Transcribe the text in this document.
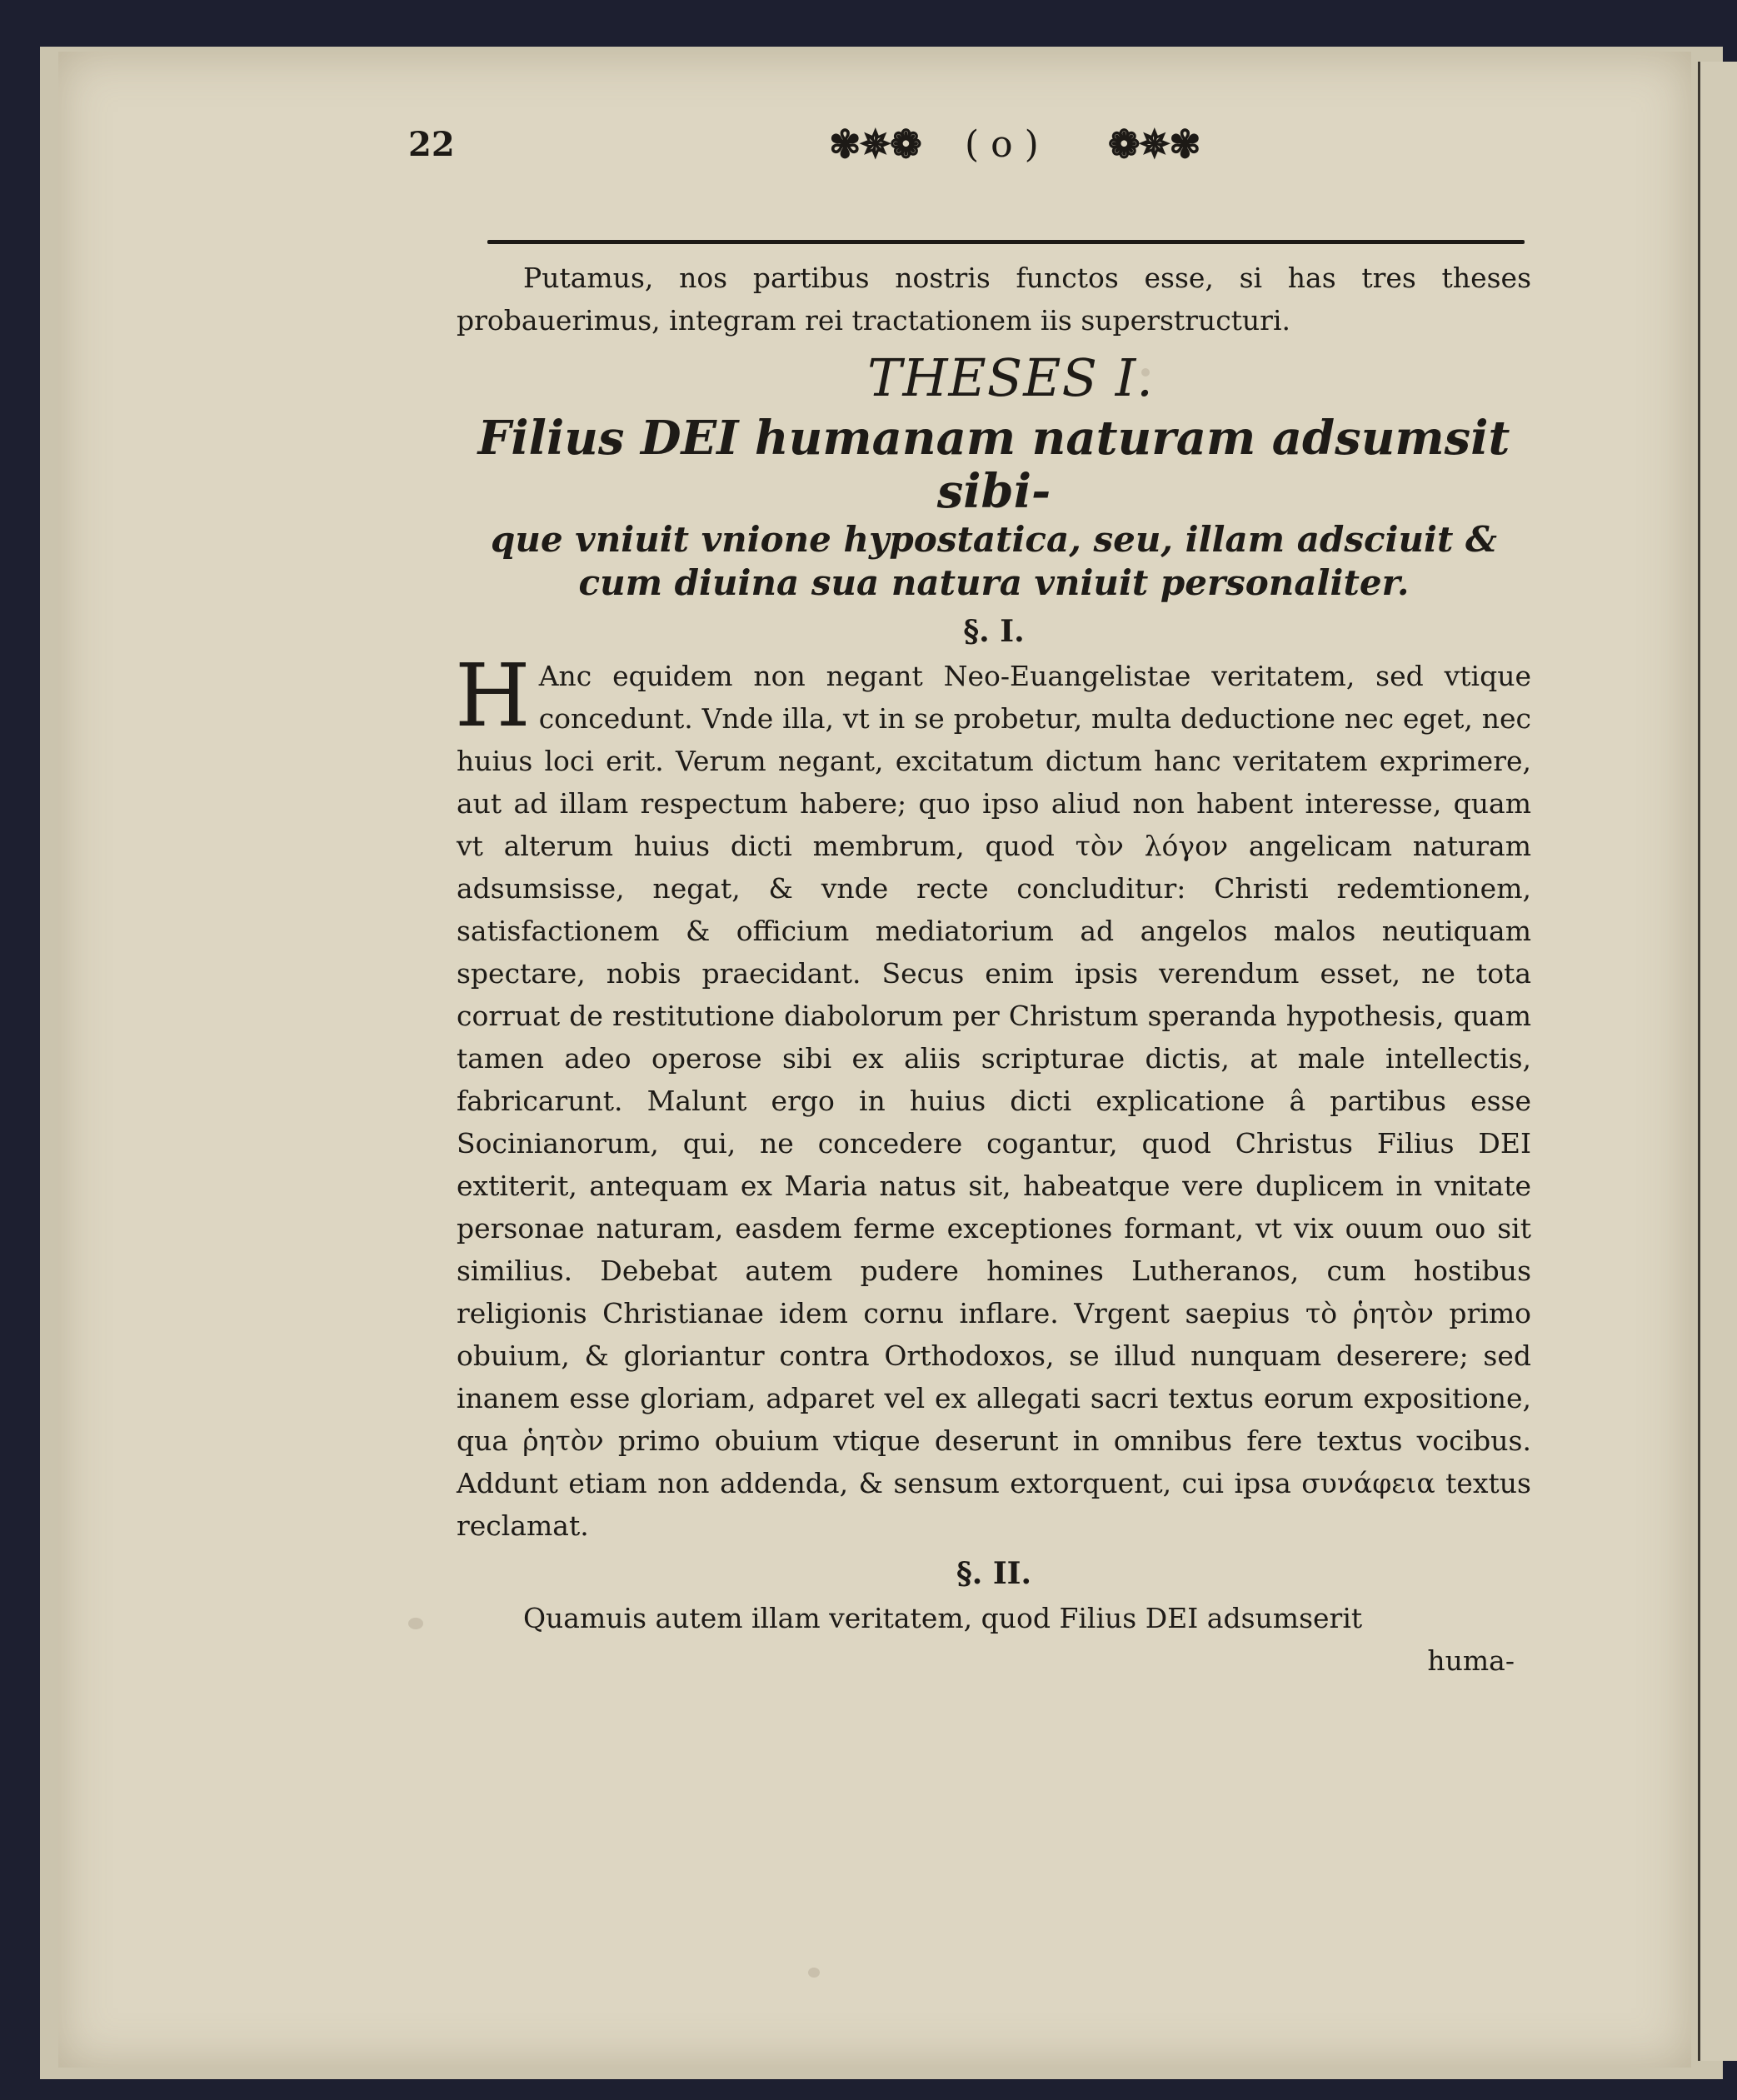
22	✾✵❁ ( o ) ❁✵✾

Putamus, nos partibus nostris functos esse, si has tres theses probauerimus, integram rei tractationem iis superstructuri.

THESES I.
Filius DEI humanam naturam adsumsit sibi-
que vniuit vnione hypostatica, seu, illam adsciuit & cum diuina sua natura vniuit personaliter.
§. I.

H Anc equidem non negant Neo-Euangelistae veritatem, sed vtique concedunt. Vnde illa, vt in se probetur, multa deductione nec eget, nec huius loci erit. Verum negant, excitatum dictum hanc veritatem exprimere, aut ad illam respectum habere; quo ipso aliud non habent interesse, quam vt alterum huius dicti membrum, quod τὸν λόγον angelicam naturam adsumsisse, negat, & vnde recte concluditur: Christi redemtionem, satisfactionem & officium mediatorium ad angelos malos neutiquam spectare, nobis praecidant. Secus enim ipsis verendum esset, ne tota corruat de restitutione diabolorum per Christum speranda hypothesis, quam tamen adeo operose sibi ex aliis scripturae dictis, at male intellectis, fabricarunt. Malunt ergo in huius dicti explicatione â partibus esse Socinianorum, qui, ne concedere cogantur, quod Christus Filius DEI extiterit, antequam ex Maria natus sit, habeatque vere duplicem in vnitate personae naturam, easdem ferme exceptiones formant, vt vix ouum ouo sit similius. Debebat autem pudere homines Lutheranos, cum hostibus religionis Christianae idem cornu inflare. Vrgent saepius τὸ ῥητὸν primo obuium, & gloriantur contra Orthodoxos, se illud nunquam deserere; sed inanem esse gloriam, adparet vel ex allegati sacri textus eorum expositione, qua ῥητὸν primo obuium vtique deserunt in omnibus fere textus vocibus. Addunt etiam non addenda, & sensum extorquent, cui ipsa συνάφεια textus reclamat.

§. II.

Quamuis autem illam veritatem, quod Filius DEI adsumserit

huma-
